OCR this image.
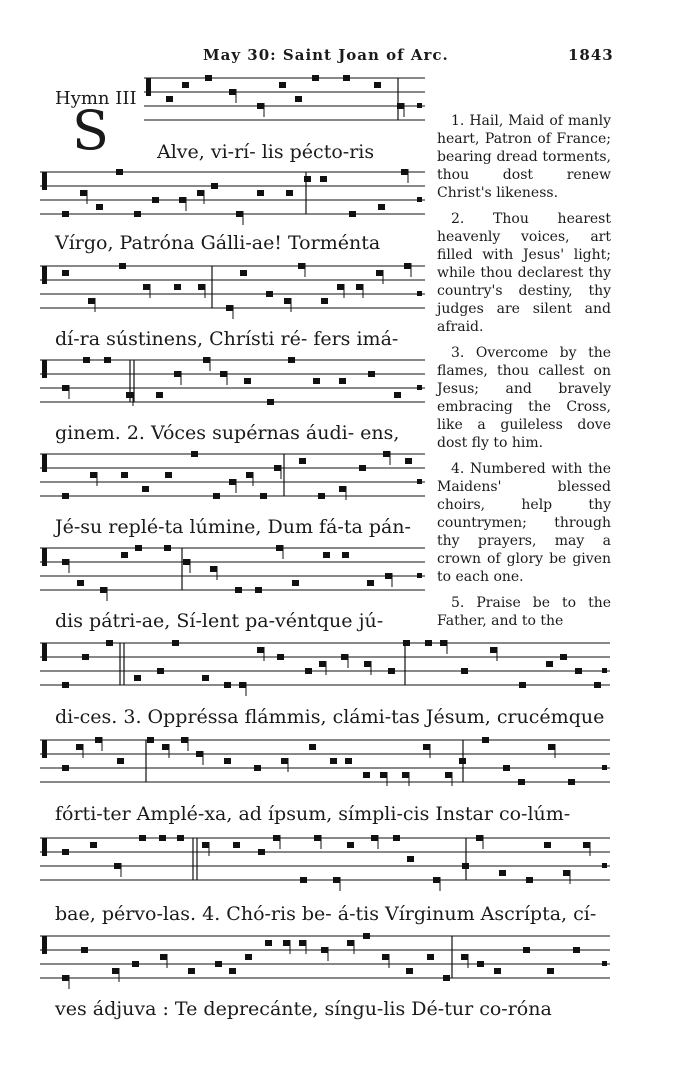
May 30: Saint Joan of Arc.	1843
Hymn III
S	Alve, vi-rí- lis pécto-ris
Vírgo, Patróna Gálli-ae! Torménta
dí-ra sústinens, Chrísti ré- fers imá-
ginem. 2. Vóces supérnas áudi- ens,
Jé-su replé-ta lúmine, Dum fá-ta pán-
dis pátri-ae, Sí-lent pa-véntque jú-
di-ces. 3. Oppréssa flámmis, clámi-tas Jésum, crucémque
fórti-ter Amplé-xa, ad ípsum, símpli-cis Instar co-lúm-
bae, pérvo-las. 4. Chó-ris be- á-tis Vírginum Ascrípta, cí-
ves ádjuva : Te deprecánte, síngu-lis Dé-tur co-róna

1. Hail, Maid of manly heart, Patron of France; bearing dread torments, thou dost renew Christ's likeness.

2. Thou hearest heavenly voices, art filled with Jesus' light; while thou declarest thy country's destiny, thy judges are silent and afraid.

3. Overcome by the flames, thou callest on Jesus; and bravely embracing the Cross, like a guileless dove dost fly to him.

4. Numbered with the Maidens' blessed choirs, help thy countrymen; through thy prayers, may a crown of glory be given to each one.

5. Praise be to the Father, and to the
